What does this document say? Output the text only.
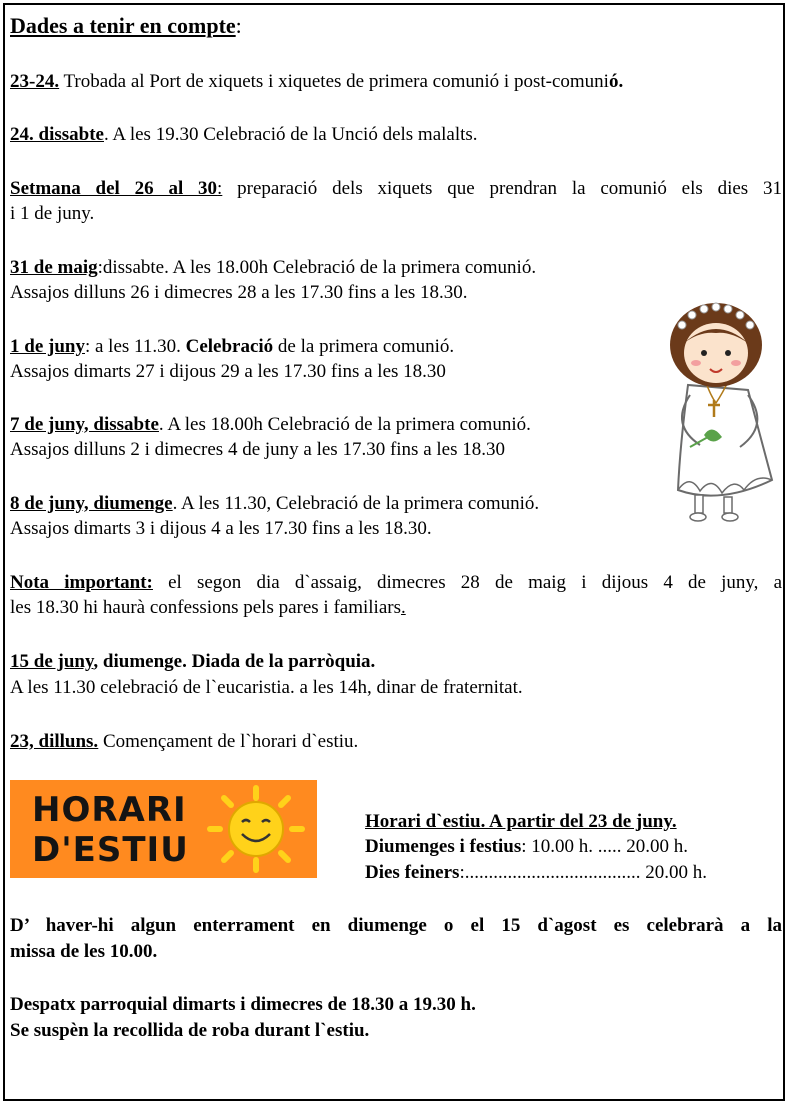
Dades a tenir en compte:
23-24. Trobada al Port de xiquets i xiquetes de primera comunió i post-comunió.
24. dissabte. A les 19.30 Celebració de la Unció dels malalts.
Setmana del 26 al 30: preparació dels xiquets que prendran la comunió els dies 31
i 1 de juny.
31 de maig:dissabte. A les 18.00h Celebració de la primera comunió.
Assajos dilluns 26 i dimecres 28 a les 17.30 fins a les 18.30.
1 de juny: a les 11.30. Celebració de la primera comunió.
Assajos dimarts 27 i dijous 29 a les 17.30 fins a les 18.30
7 de juny, dissabte. A les 18.00h Celebració de la primera comunió.
Assajos dilluns 2 i dimecres 4 de juny a les 17.30 fins a les 18.30
8 de juny, diumenge. A les 11.30, Celebració de la primera comunió.
Assajos dimarts 3 i dijous 4 a les 17.30 fins a les 18.30.
Nota important: el segon dia d`assaig, dimecres 28 de maig i dijous 4 de juny, a
les 18.30 hi haurà confessions pels pares i familiars.
15 de juny, diumenge. Diada de la parròquia.
A les 11.30 celebració de l`eucaristia. a les 14h, dinar de fraternitat.
23, dilluns. Començament de l`horari d`estiu.
HORARI
D'ESTIU
Horari d`estiu. A partir del 23 de juny.
Diumenges i festius: 10.00 h. ..... 20.00 h.
Dies feiners:..................................... 20.00 h.
D’ haver-hi algun enterrament en diumenge o el 15 d`agost es celebrarà a la
missa de les 10.00.
Despatx parroquial dimarts i dimecres de 18.30 a 19.30 h.
Se suspèn la recollida de roba durant l`estiu.
